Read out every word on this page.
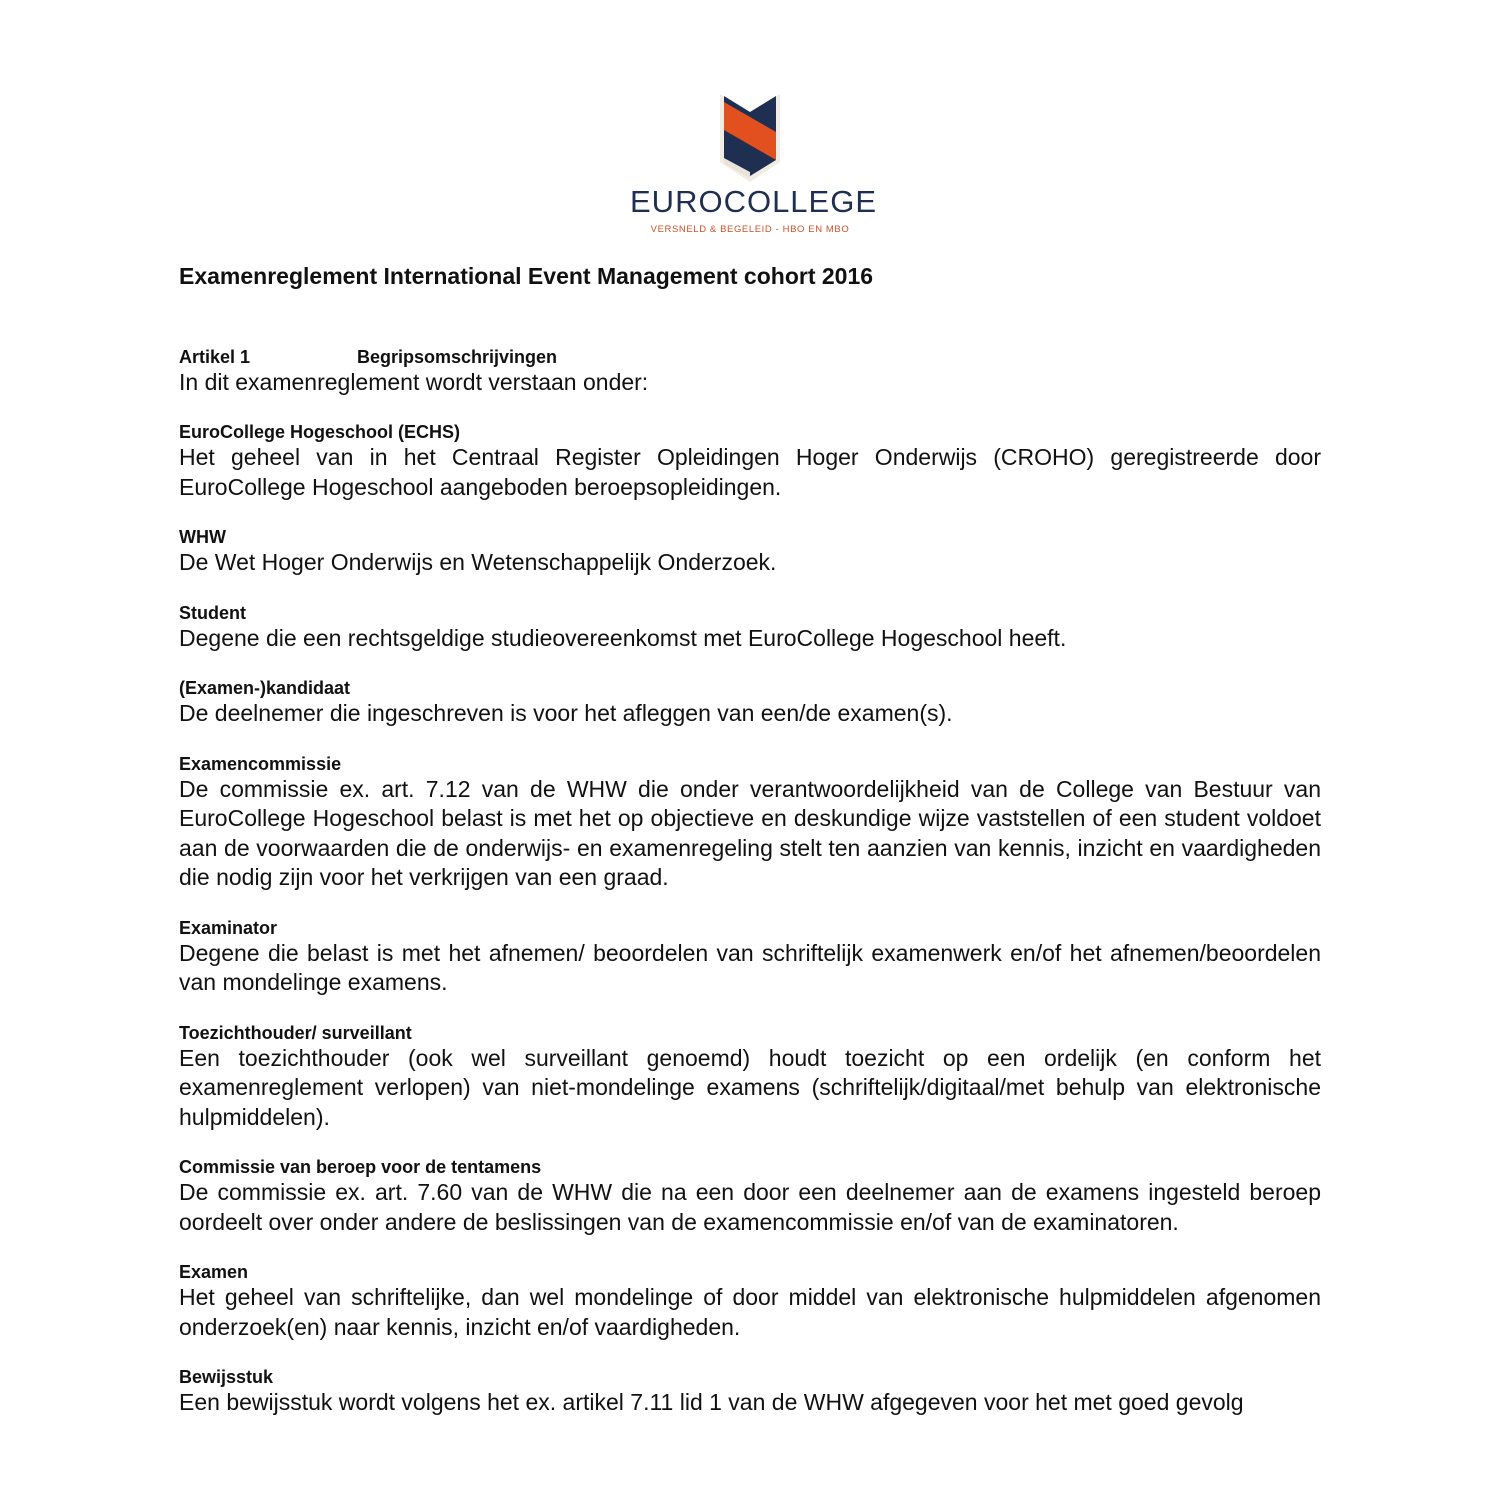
EUROCOLLEGE
VERSNELD & BEGELEID - HBO EN MBO
Examenreglement International Event Management cohort 2016
Artikel 1	Begripsomschrijvingen

In dit examenreglement wordt verstaan onder:

EuroCollege Hogeschool (ECHS)

Het geheel van in het Centraal Register Opleidingen Hoger Onderwijs (CROHO) geregistreerde door EuroCollege Hogeschool aangeboden beroepsopleidingen.

WHW

De Wet Hoger Onderwijs en Wetenschappelijk Onderzoek.

Student

Degene die een rechtsgeldige studieovereenkomst met EuroCollege Hogeschool heeft.

(Examen-)kandidaat

De deelnemer die ingeschreven is voor het afleggen van een/de examen(s).

Examencommissie

De commissie ex. art. 7.12 van de WHW die onder verantwoordelijkheid van de College van Bestuur van EuroCollege Hogeschool belast is met het op objectieve en deskundige wijze vaststellen of een student voldoet aan de voorwaarden die de onderwijs- en examenregeling stelt ten aanzien van kennis, inzicht en vaardigheden die nodig zijn voor het verkrijgen van een graad.

Examinator

Degene die belast is met het afnemen/ beoordelen van schriftelijk examenwerk en/of het afnemen/beoordelen van mondelinge examens.

Toezichthouder/ surveillant

Een toezichthouder (ook wel surveillant genoemd) houdt toezicht op een ordelijk (en conform het examenreglement verlopen) van niet-mondelinge examens (schriftelijk/digitaal/met behulp van elektronische hulpmiddelen).

Commissie van beroep voor de tentamens

De commissie ex. art. 7.60 van de WHW die na een door een deelnemer aan de examens ingesteld beroep oordeelt over onder andere de beslissingen van de examencommissie en/of van de examinatoren.

Examen

Het geheel van schriftelijke, dan wel mondelinge of door middel van elektronische hulpmiddelen afgenomen onderzoek(en) naar kennis, inzicht en/of vaardigheden.

Bewijsstuk

Een bewijsstuk wordt volgens het ex. artikel 7.11 lid 1 van de WHW afgegeven voor het met goed gevolg
